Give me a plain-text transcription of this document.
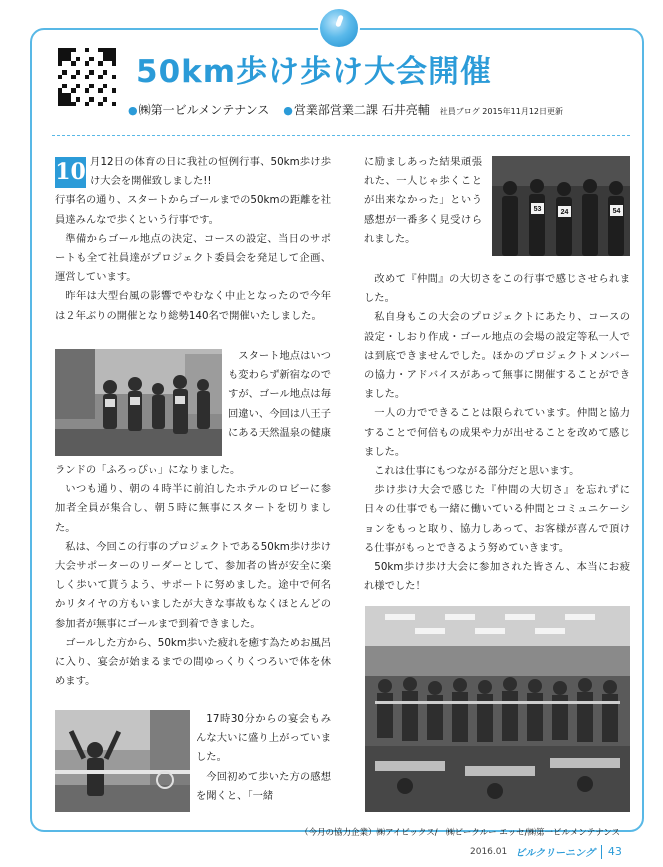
50km歩け歩け大会開催
● ㈱第一ビルメンテナンス ● 営業部営業二課 石井亮輔 社員ブログ 2015年11月12日更新
10 月12日の体育の日に我社の恒例行事、50km歩け歩け大会を開催致しました!!

行事名の通り、スタートからゴールまでの50kmの距離を社員達みんなで歩くという行事です。

準備からゴール地点の決定、コースの設定、当日のサポートも全て社員達がプロジェクト委員会を発足して企画、運営しています。

昨年は大型台風の影響でやむなく中止となったので今年は２年ぶりの開催となり総勢140名で開催いたしました。

スタート地点はいつも変わらず新宿なのですが、ゴール地点は毎回違い、今回は八王子にある天然温泉の健康

ランドの「ふろっぴぃ」になりました。

いつも通り、朝の４時半に前泊したホテルのロビーに参加者全員が集合し、朝５時に無事にスタートを切りました。

私は、今回この行事のプロジェクトである50km歩け歩け大会サポーターのリーダーとして、参加者の皆が安全に楽しく歩いて貰うよう、サポートに努めました。途中で何名かリタイヤの方もいましたが大きな事故もなくほとんどの参加者が無事にゴールまで到着できました。

ゴールした方から、50km歩いた疲れを癒す為ためお風呂に入り、宴会が始まるまでの間ゆっくりくつろいで体を休めます。

17時30分からの宴会もみんな大いに盛り上がっていました。

今回初めて歩いた方の感想を聞くと、「一緒

に励ましあった結果頑張れた、一人じゃ歩くことが出来なかった」という感想が一番多く見受けられました。

53	24	54

改めて『仲間』の大切さをこの行事で感じさせられました。

私自身もこの大会のプロジェクトにあたり、コースの設定・しおり作成・ゴール地点の会場の設定等私一人では到底できませんでした。ほかのプロジェクトメンバーの協力・アドバイスがあって無事に開催することができました。

一人の力でできることは限られています。仲間と協力することで何倍もの成果や力が出せることを改めて感じました。

これは仕事にもつながる部分だと思います。

歩け歩け大会で感じた『仲間の大切さ』を忘れずに日々の仕事でも一緒に働いている仲間とコミュニケーションをもっと取り、協力しあって、お客様が喜んで頂ける仕事がもっとできるよう努めていきます。

50km歩け歩け大会に参加された皆さん、本当にお疲れ様でした！

（今月の協力企業）㈱アイビックス/　㈱ビークルー エッセ/㈱第一ビルメンテナンス
2016.01 ビルクリーニング 43
